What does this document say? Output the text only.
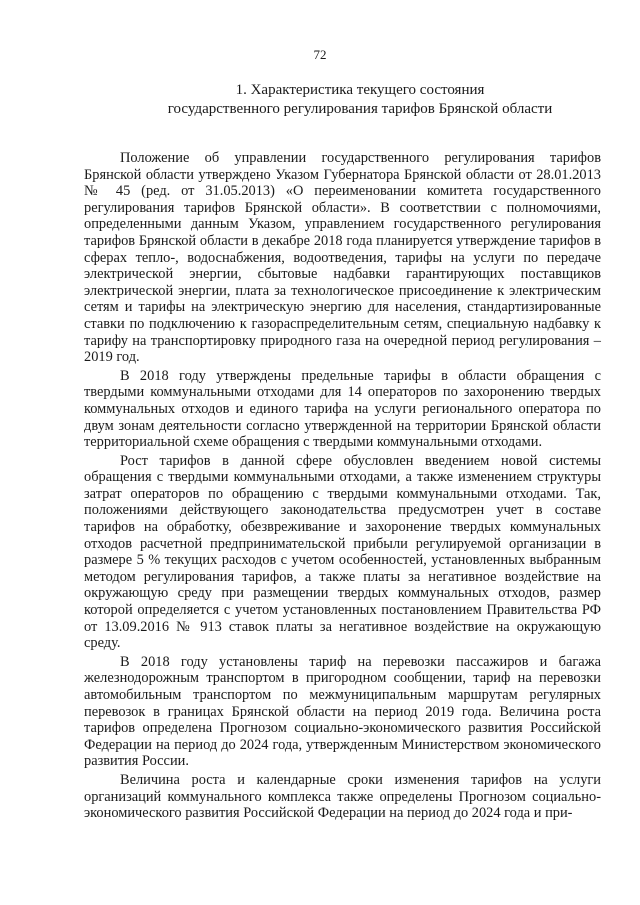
72
1. Характеристика текущего состояния
государственного регулирования тарифов Брянской области

Положение об управлении государственного регулирования тарифов Брянской области утверждено Указом Губернатора Брянской области от 28.01.2013 № 45 (ред. от 31.05.2013) «О переименовании комитета государственного регулирования тарифов Брянской области». В соответствии с полномочиями, определенными данным Указом, управлением государственного регулирования тарифов Брянской области в декабре 2018 года планируется утверждение тарифов в сферах тепло-, водоснабжения, водоотведения, тарифы на услуги по передаче электрической энергии, сбытовые надбавки гарантирующих поставщиков электрической энергии, плата за технологическое присоединение к электрическим сетям и тарифы на электрическую энергию для населения, стандартизированные ставки по подключению к газораспределительным сетям, специальную надбавку к тарифу на транспортировку природного газа на очередной период регулирования – 2019 год.

В 2018 году утверждены предельные тарифы в области обращения с твердыми коммунальными отходами для 14 операторов по захоронению твердых коммунальных отходов и единого тарифа на услуги регионального оператора по двум зонам деятельности согласно утвержденной на территории Брянской области территориальной схеме обращения с твердыми коммунальными отходами.

Рост тарифов в данной сфере обусловлен введением новой системы обращения с твердыми коммунальными отходами, а также изменением структуры затрат операторов по обращению с твердыми коммунальными отходами. Так, положениями действующего законодательства предусмотрен учет в составе тарифов на обработку, обезвреживание и захоронение твердых коммунальных отходов расчетной предпринимательской прибыли регулируемой организации в размере 5 % текущих расходов с учетом особенностей, установленных выбранным методом регулирования тарифов, а также платы за негативное воздействие на окружающую среду при размещении твердых коммунальных отходов, размер которой определяется с учетом установленных постановлением Правительства РФ от 13.09.2016 № 913 ставок платы за негативное воздействие на окружающую среду.

В 2018 году установлены тариф на перевозки пассажиров и багажа железнодорожным транспортом в пригородном сообщении, тариф на перевозки автомобильным транспортом по межмуниципальным маршрутам регулярных перевозок в границах Брянской области на период 2019 года. Величина роста тарифов определена Прогнозом социально-экономического развития Российской Федерации на период до 2024 года, утвержденным Министерством экономического развития России.

Величина роста и календарные сроки изменения тарифов на услуги организаций коммунального комплекса также определены Прогнозом социально-экономического развития Российской Федерации на период до 2024 года и при-
